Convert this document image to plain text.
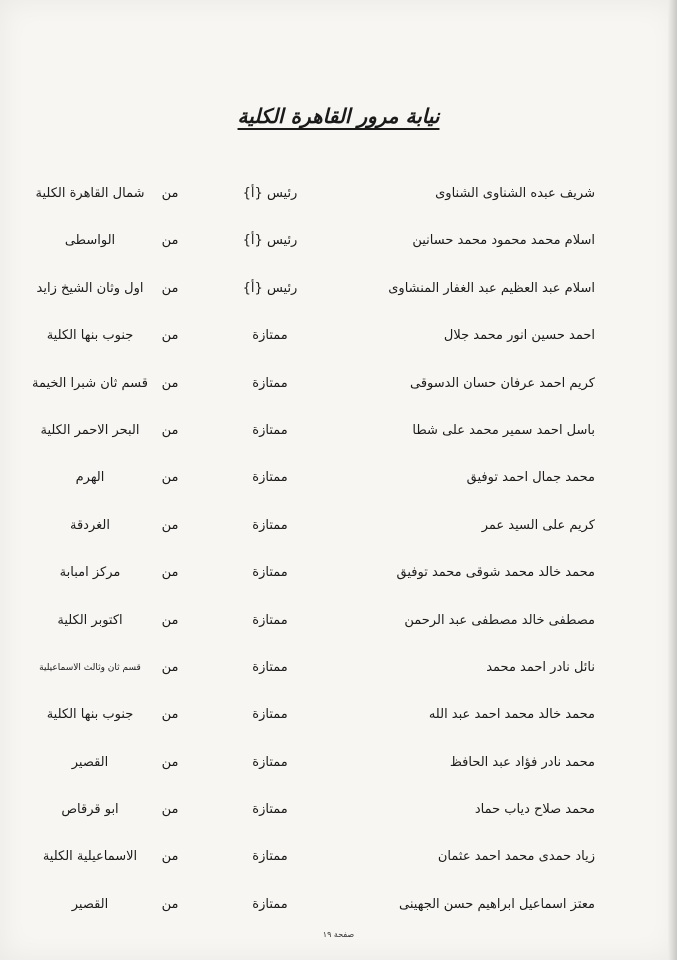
نيابة مرور القاهرة الكلية
شريف عبده الشناوى الشناوى
رئيس {أ}
من
شمال القاهرة الكلية
اسلام محمد محمود محمد حسانين
رئيس {أ}
من
الواسطى
اسلام عبد العظيم عبد الغفار المنشاوى
رئيس {أ}
من
اول وثان الشيخ زايد
احمد حسين انور محمد جلال
ممتازة
من
جنوب بنها الكلية
كريم احمد عرفان حسان الدسوقى
ممتازة
من
قسم ثان شبرا الخيمة
باسل احمد سمير محمد على شطا
ممتازة
من
البحر الاحمر الكلية
محمد جمال احمد توفيق
ممتازة
من
الهرم
كريم على السيد عمر
ممتازة
من
الغردقة
محمد خالد محمد شوقى محمد توفيق
ممتازة
من
مركز امبابة
مصطفى خالد مصطفى عبد الرحمن
ممتازة
من
اكتوبر الكلية
نائل نادر احمد محمد
ممتازة
من
قسم ثان وثالث الاسماعيلية
محمد خالد محمد احمد عبد الله
ممتازة
من
جنوب بنها الكلية
محمد نادر فؤاد عبد الحافظ
ممتازة
من
القصير
محمد صلاح دياب حماد
ممتازة
من
ابو قرقاص
زياد حمدى محمد احمد عثمان
ممتازة
من
الاسماعيلية الكلية
معتز اسماعيل ابراهيم حسن الجهينى
ممتازة
من
القصير
صفحة ١٩
